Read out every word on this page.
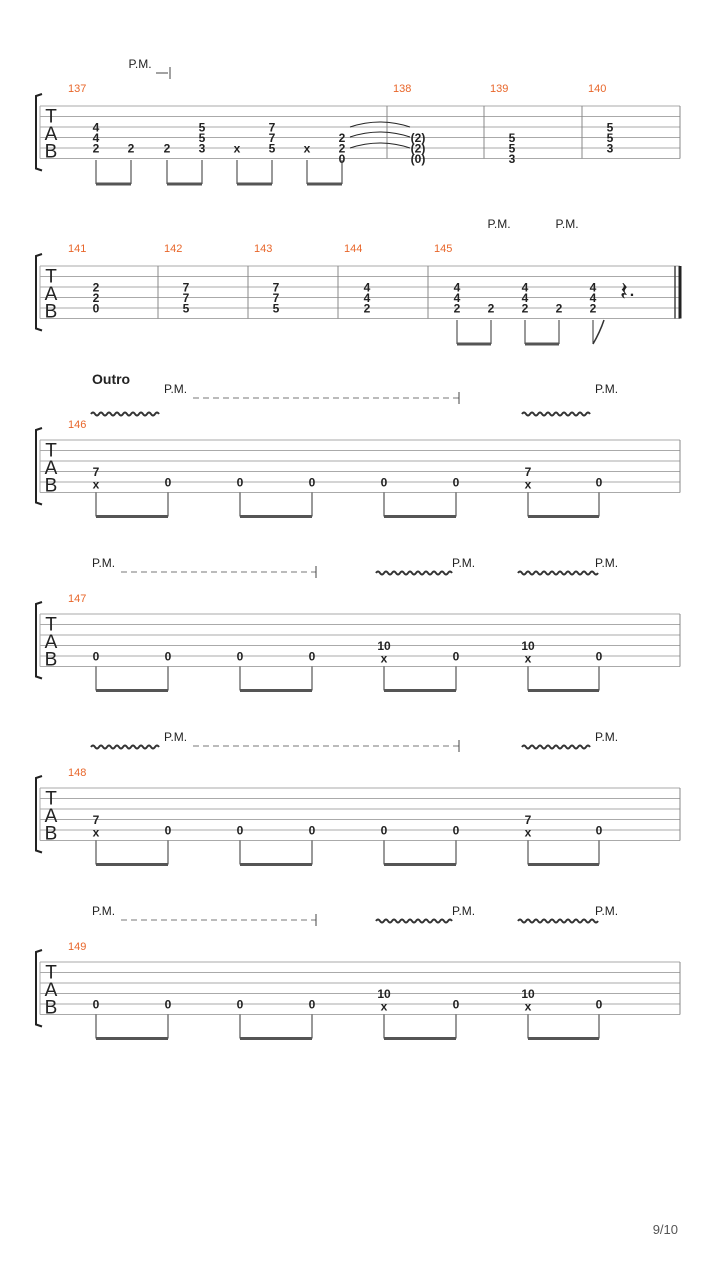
T
A
B
137
4
4
2 2 2
5
5
3 x
7
7
5 x
2
2
0
138
(2)
(2)
(0)
139
5
5
3
140
5
5
3
P.M.
T
A
B
141
2
2
0
142
7
7
5
143
7
7
5
144
4
4
2
145
4
4
2 2
4
4
2 2
4
4
2
𝄽 .
P.M.	P.M.
T
A
B
146
7
x	0	0	0	0	0
7
x	0
Outro
P.M.	P.M.
T
A
B
147
0	0	0	0
10
x	0
10
x	0
P.M.	P.M.	P.M.
T
A
B
148
7
x	0	0	0	0	0
7
x	0
P.M.	P.M.
T
A
B
149
0	0	0	0
10
x	0
10
x	0
P.M.	P.M.	P.M.
9/10
